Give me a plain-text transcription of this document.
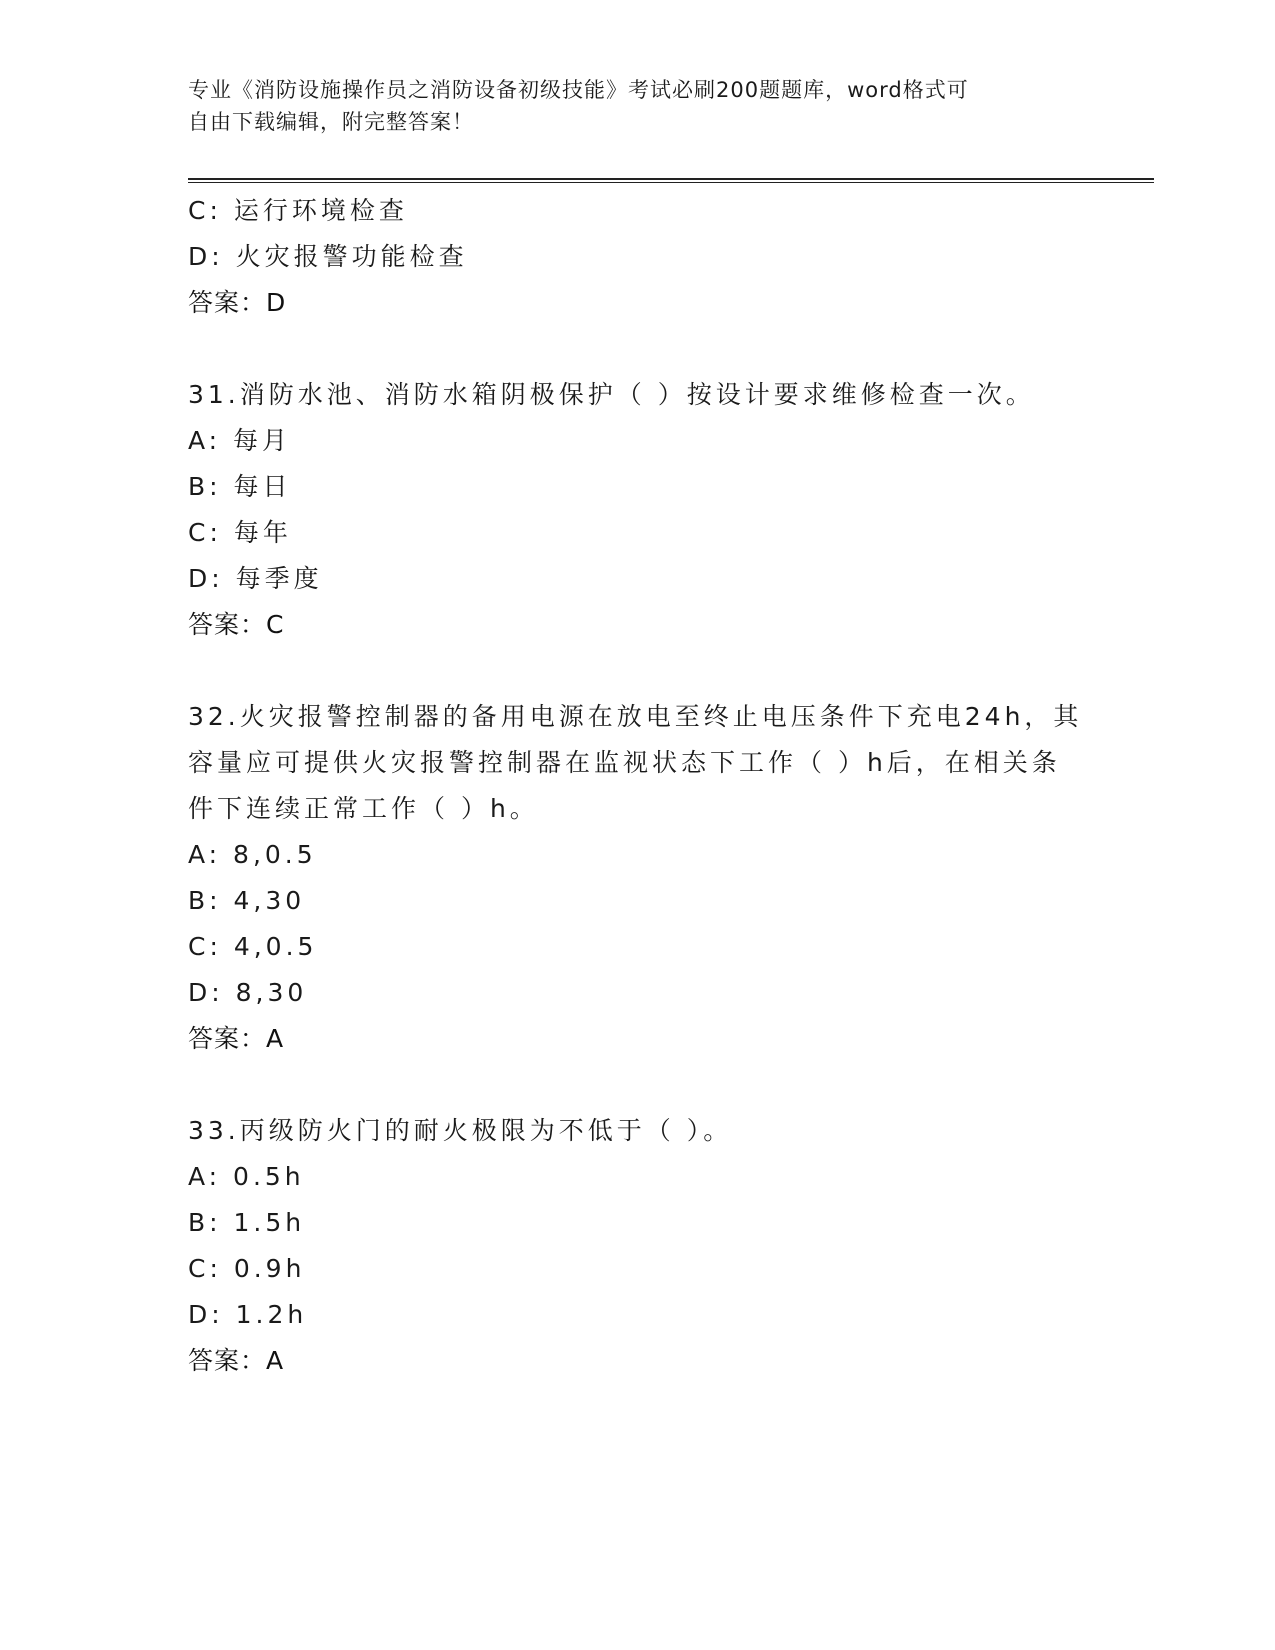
专业《消防设施操作员之消防设备初级技能》考试必刷200题题库，word格式可
自由下载编辑，附完整答案！
C: 运行环境检查
D: 火灾报警功能检查
答案：D
31.消防水池、消防水箱阴极保护（ ）按设计要求维修检查一次。
A: 每月
B: 每日
C: 每年
D: 每季度
答案：C
32.火灾报警控制器的备用电源在放电至终止电压条件下充电24h，其
容量应可提供火灾报警控制器在监视状态下工作（ ）h后，在相关条
件下连续正常工作（ ）h。
A: 8,0.5
B: 4,30
C: 4,0.5
D: 8,30
答案：A
33.丙级防火门的耐火极限为不低于（ ）。
A: 0.5h
B: 1.5h
C: 0.9h
D: 1.2h
答案：A
